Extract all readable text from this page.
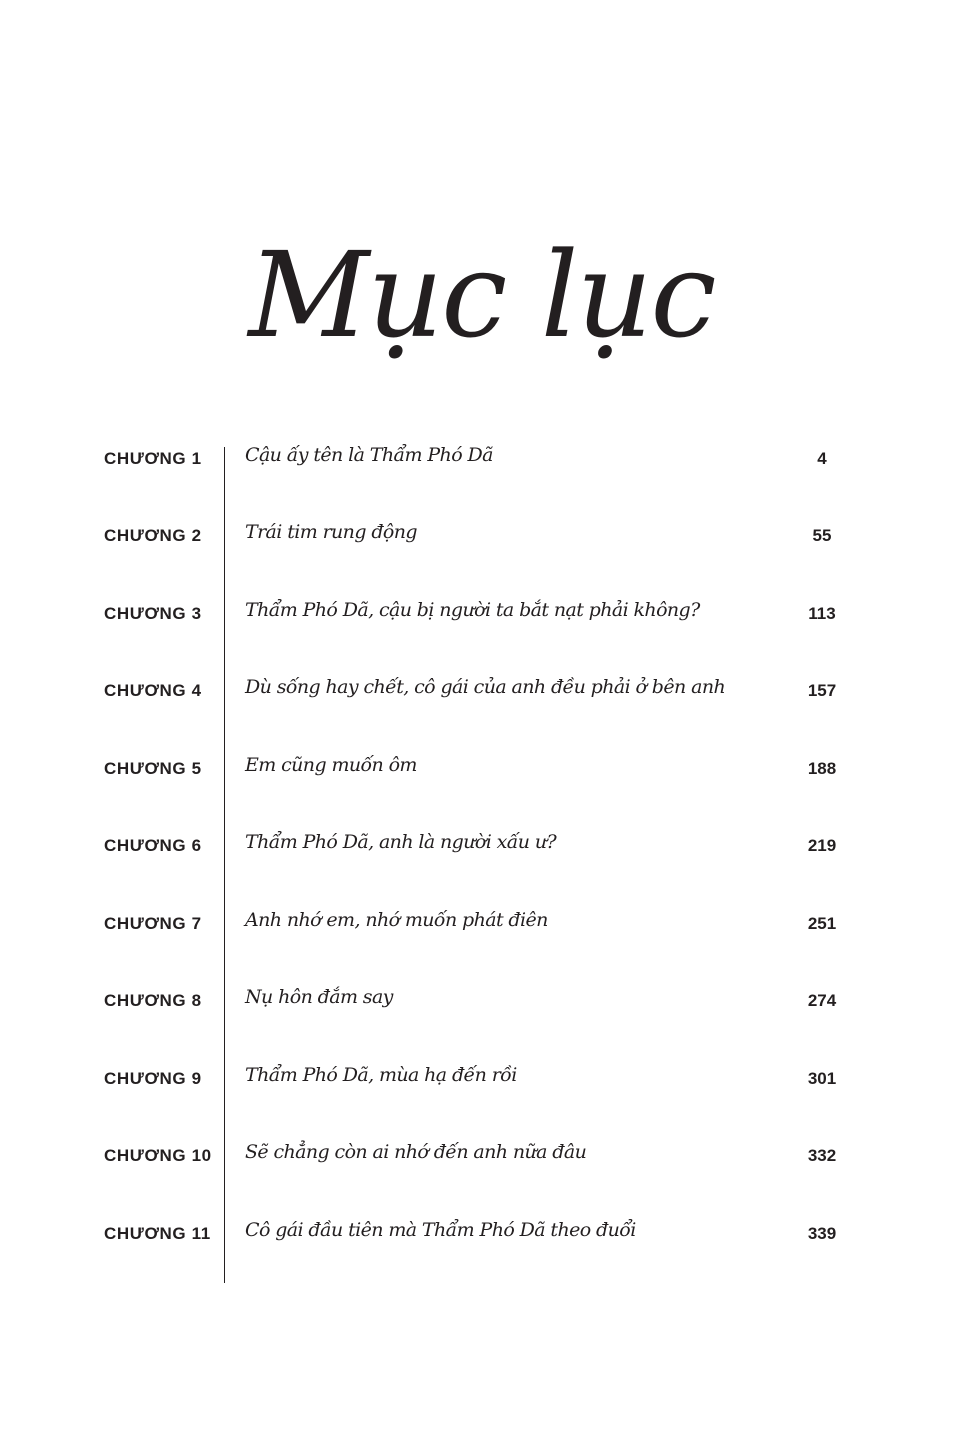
Mục lục
CHƯƠNG 1 Cậu ấy tên là Thẩm Phó Dã	4
CHƯƠNG 2 Trái tim rung động	55
CHƯƠNG 3 Thẩm Phó Dã, cậu bị người ta bắt nạt phải không?	113
CHƯƠNG 4 Dù sống hay chết, cô gái của anh đều phải ở bên anh	157
CHƯƠNG 5 Em cũng muốn ôm	188
CHƯƠNG 6 Thẩm Phó Dã, anh là người xấu ư?	219
CHƯƠNG 7 Anh nhớ em, nhớ muốn phát điên	251
CHƯƠNG 8 Nụ hôn đắm say	274
CHƯƠNG 9 Thẩm Phó Dã, mùa hạ đến rồi	301
CHƯƠNG 10 Sẽ chẳng còn ai nhớ đến anh nữa đâu	332
CHƯƠNG 11 Cô gái đầu tiên mà Thẩm Phó Dã theo đuổi	339
